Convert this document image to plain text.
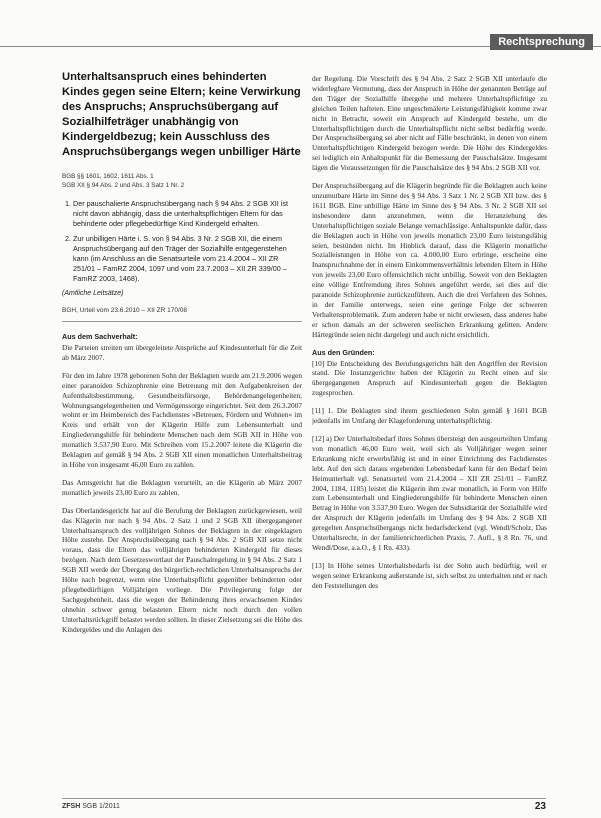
Rechtsprechung
Unterhaltsanspruch eines behinderten Kindes gegen seine Eltern; keine Verwirkung des Anspruchs; Anspruchsübergang auf Sozialhilfeträger unabhängig von Kindergeldbezug; kein Ausschluss des Anspruchsübergangs wegen unbilliger Härte
BGB §§ 1601, 1602, 1611 Abs. 1
SGB XII § 94 Abs. 2 und Abs. 3 Satz 1 Nr. 2
1. Der pauschalierte Anspruchsübergang nach § 94 Abs. 2 SGB XII ist nicht davon abhängig, dass die unterhaltspflichtigen Eltern für das behinderte oder pflegebedürftige Kind Kindergeld erhalten.
2. Zur unbilligen Härte i. S. von § 94 Abs. 3 Nr. 2 SGB XII, die einem Anspruchsübergang auf den Träger der Sozialhilfe entgegenstehen kann (im Anschluss an die Senatsurteile vom 21.4.2004 – XII ZR 251/01 – FamRZ 2004, 1097 und vom 23.7.2003 – XII ZR 339/00 – FamRZ 2003, 1468).
(Amtliche Leitsätze)
BGH, Urteil vom 23.6.2010 – XII ZR 170/08
Aus dem Sachverhalt:

Die Parteien streiten um übergeleitete Ansprüche auf Kindesunterhalt für die Zeit ab März 2007.

Für den im Jahre 1978 geborenen Sohn der Beklagten wurde am 21.9.2006 wegen einer paranoiden Schizophrenie eine Betreuung mit den Aufgabenkreisen der Aufenthaltsbestimmung, Gesundheitsfürsorge, Behördenangelegenheiten, Wohnungsangelegenheiten und Vermögenssorge eingerichtet. Seit dem 26.3.2007 wohnt er im Heimbereich des Fachdienstes »Betreuen, Fördern und Wohnen« im Kreis und erhält von der Klägerin Hilfe zum Lebensunterhalt und Eingliederungshilfe für behinderte Menschen nach dem SGB XII in Höhe von monatlich 3.537,90 Euro. Mit Schreiben vom 15.2.2007 leitete die Klägerin die Beklagten auf gemäß § 94 Abs. 2 SGB XII einen monatlichen Unterhaltsbeitrag in Höhe von insgesamt 46,00 Euro zu zahlen.

Das Amtsgericht hat die Beklagten verurteilt, an die Klägerin ab März 2007 monatlich jeweils 23,00 Euro zu zahlen.

Das Oberlandesgericht hat auf die Berufung der Beklagten zurückgewiesen, weil das Klägerin nur nach § 94 Abs. 2 Satz 1 und 2 SGB XII übergegangener Unterhaltsanspruch des volljährigen Sohnes der Beklagten in der eingeklagten Höhe zustehe. Der Anspruchsübergang nach § 94 Abs. 2 SGB XII setze nicht voraus, dass die Eltern das volljährigen behinderten Kindergeld für dieses bezögen. Nach dem Gesetzeswortlaut der Pauschalregelung in § 94 Abs. 2 Satz 1 SGB XII werde der Übergang des bürgerlich-rechtlichen Unterhaltsanspruchs der Höhe nach begrenzt, wenn eine Unterhaltspflicht gegenüber behinderten oder pflegebedürftigen Volljährigen vorliege. Die Privilegierung folge der Sachgegebenheit, dass die wegen der Behinderung ihres erwachsenen Kindes ohnehin schwer genug belasteten Eltern nicht noch durch den vollen Unterhaltsrückgriff belastet werden sollten. In dieser Zielsetzung sei die Höhe des Kindergeldes und die Anlagen des

der Regelung. Die Vorschrift des § 94 Abs. 2 Satz 2 SGB XII unterlaufe die widerlegbare Vermutung, dass der Anspruch in Höhe der genannten Beträge auf den Träger der Sozialhilfe übergehe und mehrere Unterhaltspflichtige zu gleichen Teilen hafteten. Eine ungeschmälerte Leistungsfähigkeit komme zwar nicht in Betracht, soweit ein Anspruch auf Kindergeld bestehe, um die Unterhaltspflichtigen durch die Unterhaltspflicht nicht selbst bedürftig werde. Der Anspruchsübergang sei aber nicht auf Fälle beschränkt, in denen von einem Unterhaltspflichtigen Kindergeld bezogen werde. Die Höhe des Kindergeldes sei lediglich ein Anhaltspunkt für die Bemessung der Pauschalsätze. Insgesamt lägen die Voraussetzungen für die Pauschalsätze des § 94 Abs. 2 SGB XII vor.

Der Anspruchsübergang auf die Klägerin begründe für die Beklagten auch keine unzumutbare Härte im Sinne des § 94 Abs. 3 Satz 1 Nr. 2 SGB XII bzw. des § 1611 BGB. Eine unbillige Härte im Sinne des § 94 Abs. 3 Nr. 2 SGB XII sei insbesondere dann anzunehmen, wenn die Heranziehung des Unterhaltspflichtigen soziale Belange vernachlässige. Anhaltspunkte dafür, dass die Beklagten auch in Höhe von jeweils monatlich 23,00 Euro leistungsfähig seien, bestünden nicht. Im Hinblick darauf, dass die Klägerin monatliche Sozialleistungen in Höhe von ca. 4.000,00 Euro erbringe, erscheine eine Inanspruchnahme der in einem Einkommensverhältnis lebenden Eltern in Höhe von jeweils 23,00 Euro offensichtlich nicht unbillig. Soweit von den Beklagten eine völlige Entfremdung ihres Sohnes angeführt werde, sei dies auf die paranoide Schizophrenie zurückzuführen. Auch die drei Verfahren des Sohnes, in der Familie unterwegs, seien eine geringe Folge der schweren Verhaltensproblematik. Zum anderen habe er nicht erwiesen, dass anderes habe er schon damals an der schweren seelischen Erkrankung gelitten. Andere Härtegründe seien nicht dargelegt und auch nicht ersichtlich.

Aus den Gründen:

[10] Die Entscheidung des Berufungsgerichts hält den Angriffen der Revision stand. Die Instanzgerichte haben der Klägerin zu Recht einen auf sie übergegangenen Anspruch auf Kindesunterhalt gegen die Beklagten zugesprochen.

[11] 1. Die Beklagten sind ihrem geschiedenen Sohn gemäß § 1601 BGB jedenfalls im Umfang der Klageforderung unterhaltspflichtig.

[12] a) Der Unterhaltsbedarf ihres Sohnes übersteigt den ausgeurteilten Umfang von monatlich 46,00 Euro weit, weil sich als Volljähriger wegen seiner Erkrankung nicht erwerbsfähig ist und in einer Einrichtung des Fachdienstes lebt. Auf den sich daraus ergebenden Lebensbedarf kann für den Bedarf beim Heimunterhalt vgl. Senatsurteil vom 21.4.2004 – XII ZR 251/01 – FamRZ 2004, 1184, 1185) leistet die Klägerin ihm zwar monatlich, in Form von Hilfe zum Lebensunterhalt und Eingliederungshilfe für behinderte Menschen einen Betrag in Höhe von 3.537,90 Euro. Wegen der Subsidiarität der Sozialhilfe wird der Anspruch der Klägerin jedenfalls im Umfang des § 94 Abs. 2 SGB XII geregelten Anspruchsübergangs nicht bedarfsdeckend (vgl. Wendl/Scholz, Das Unterhaltsrecht, in der familienrichterlichen Praxis, 7. Aufl., § 8 Rn. 76, und Wendl/Dose, a.a.O., § 1 Rn. 433).

[13] In Höhe seines Unterhaltsbedarfs ist der Sohn auch bedürftig, weil er wegen seiner Erkrankung außerstande ist, sich selbst zu unterhalten und er nach den Feststellungen des

ZFSH SGB 1/2011	23
